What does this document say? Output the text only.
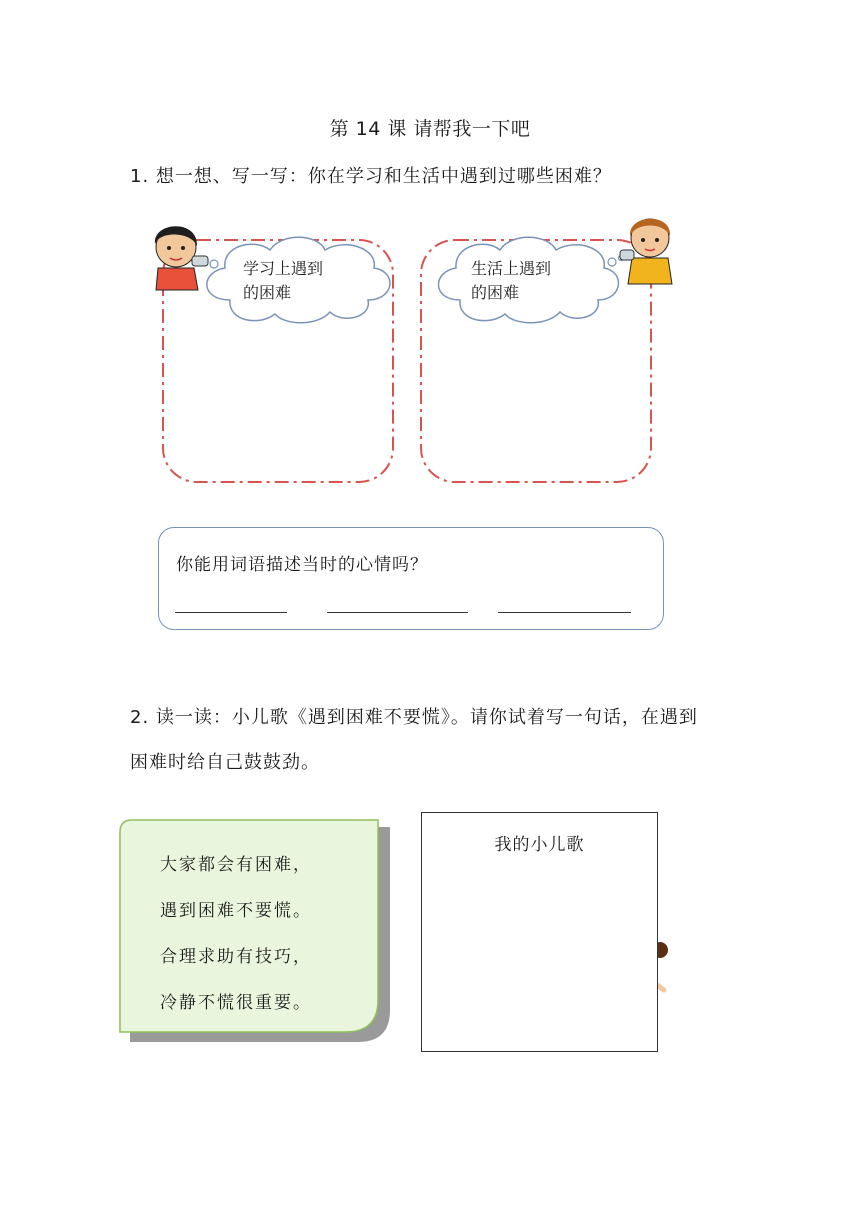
第 14 课 请帮我一下吧
1. 想一想、写一写：你在学习和生活中遇到过哪些困难？
学习上遇到
的困难
生活上遇到
的困难
你能用词语描述当时的心情吗？
2. 读一读：小儿歌《遇到困难不要慌》。请你试着写一句话，在遇到
困难时给自己鼓鼓劲。
大家都会有困难，
遇到困难不要慌。
合理求助有技巧，
冷静不慌很重要。
我的小儿歌
